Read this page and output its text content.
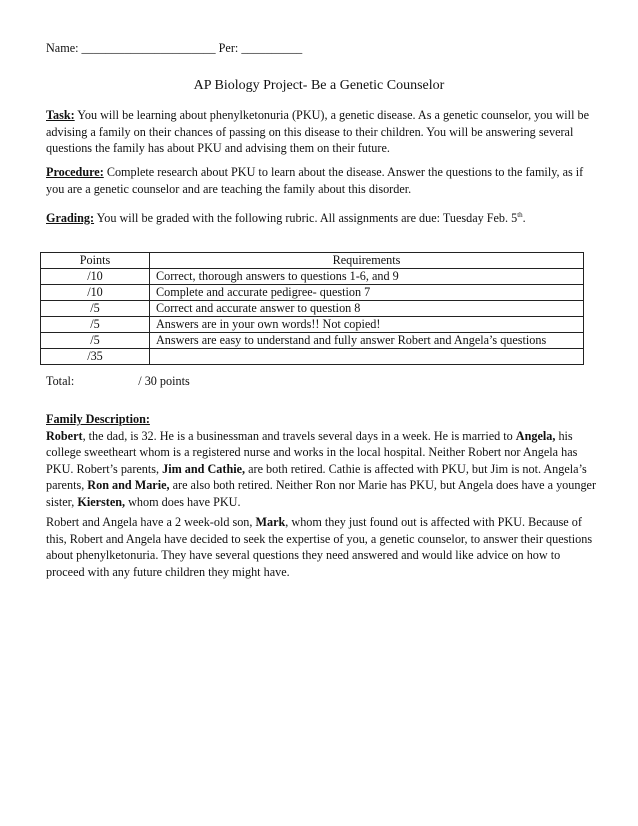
Name: ______________________ Per: __________
AP Biology Project- Be a Genetic Counselor
Task: You will be learning about phenylketonuria (PKU), a genetic disease. As a genetic counselor, you will be advising a family on their chances of passing on this disease to their children. You will be answering several questions the family has about PKU and advising them on their future.
Procedure: Complete research about PKU to learn about the disease. Answer the questions to the family, as if you are a genetic counselor and are teaching the family about this disorder.
Grading: You will be graded with the following rubric. All assignments are due: Tuesday Feb. 5th.
Points	Requirements
/10	Correct, thorough answers to questions 1-6, and 9
/10	Complete and accurate pedigree- question 7
/5	Correct and accurate answer to question 8
/5	Answers are in your own words!! Not copied!
/5	Answers are easy to understand and fully answer Robert and Angela’s questions
/35	
Total:	/ 30 points
Family Description:
Robert, the dad, is 32. He is a businessman and travels several days in a week. He is married to Angela, his college sweetheart whom is a registered nurse and works in the local hospital. Neither Robert nor Angela has PKU. Robert’s parents, Jim and Cathie, are both retired. Cathie is affected with PKU, but Jim is not. Angela’s parents, Ron and Marie, are also both retired. Neither Ron nor Marie has PKU, but Angela does have a younger sister, Kiersten, whom does have PKU.
Robert and Angela have a 2 week-old son, Mark, whom they just found out is affected with PKU. Because of this, Robert and Angela have decided to seek the expertise of you, a genetic counselor, to answer their questions about phenylketonuria. They have several questions they need answered and would like advice on how to proceed with any future children they might have.
